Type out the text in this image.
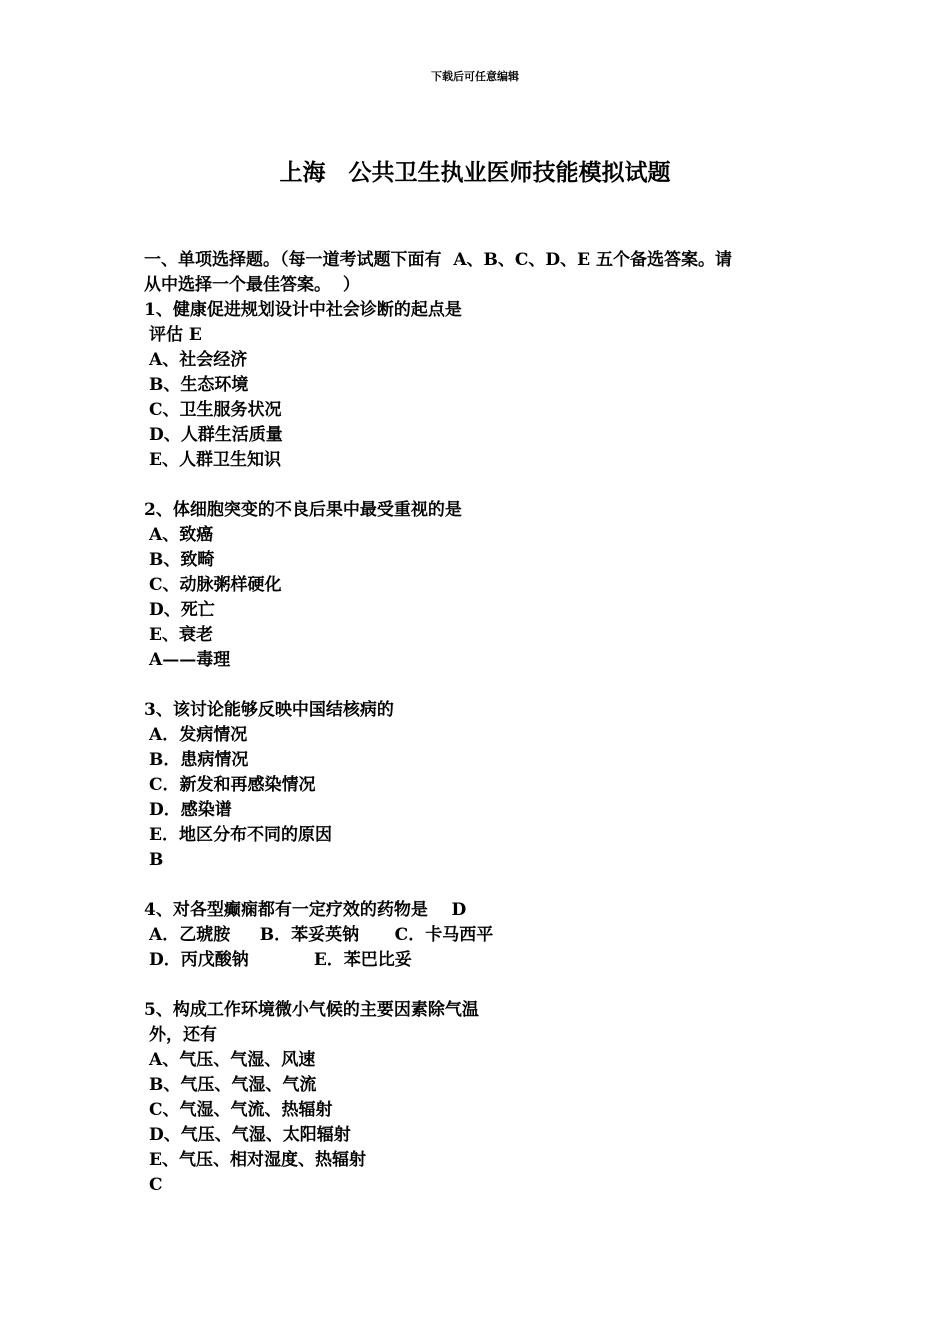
下载后可任意编辑
上海　公共卫生执业医师技能模拟试题
一、单项选择题。（每一道考试题下面有  A、B、C、D、E 五个备选答案。请
从中选择一个最佳答案。  ）
1、健康促进规划设计中社会诊断的起点是
评估 E
A、社会经济
B、生态环境
C、卫生服务状况
D、人群生活质量
E、人群卫生知识
2、体细胞突变的不良后果中最受重视的是
A、致癌
B、致畸
C、动脉粥样硬化
D、死亡
E、衰老
A——毒理
3、该讨论能够反映中国结核病的
A．发病情况
B．患病情况
C．新发和再感染情况
D．感染谱
E．地区分布不同的原因
B
4、对各型癫痫都有一定疗效的药物是    D
A．乙琥胺     B．苯妥英钠      C．卡马西平
D．丙戊酸钠           E．苯巴比妥
5、构成工作环境微小气候的主要因素除气温
外，还有
A、气压、气湿、风速
B、气压、气湿、气流
C、气湿、气流、热辐射
D、气压、气湿、太阳辐射
E、气压、相对湿度、热辐射
C
